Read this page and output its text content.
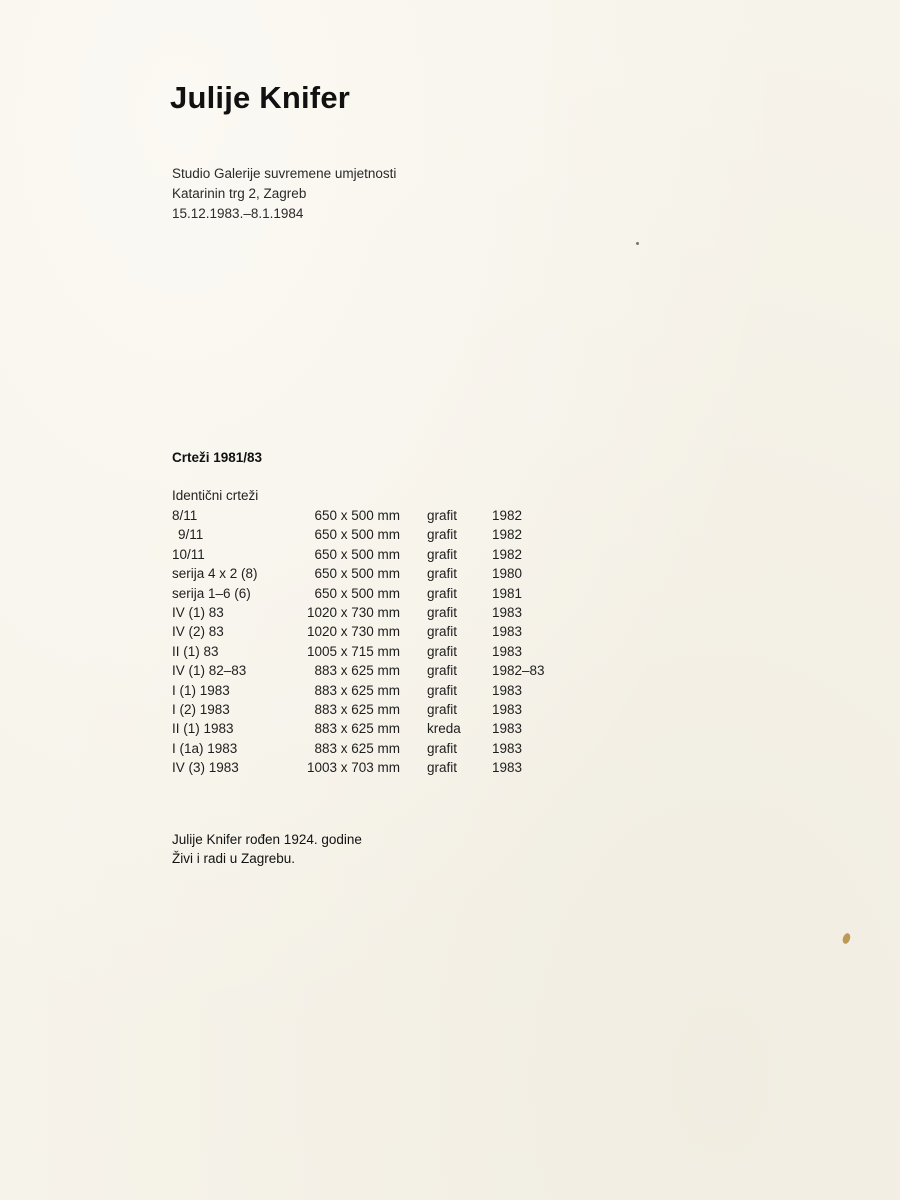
Julije Knifer
Studio Galerije suvremene umjetnosti
Katarinin trg 2, Zagreb
15.12.1983.–8.1.1984
Crteži 1981/83
Identični crteži
8/11	650 x 500 mm grafit	1982
9/11	650 x 500 mm grafit	1982
10/11	650 x 500 mm grafit	1982
serija 4 x 2 (8)	650 x 500 mm grafit	1980
serija 1–6 (6)	650 x 500 mm grafit	1981
IV (1) 83	1020 x 730 mm grafit	1983
IV (2) 83	1020 x 730 mm grafit	1983
II (1) 83	1005 x 715 mm grafit	1983
IV (1) 82–83	883 x 625 mm grafit	1982–83
I (1) 1983	883 x 625 mm grafit	1983
I (2) 1983	883 x 625 mm grafit	1983
II (1) 1983	883 x 625 mm kreda 1983
I (1a) 1983	883 x 625 mm grafit	1983
IV (3) 1983	1003 x 703 mm grafit	1983
Julije Knifer rođen 1924. godine
Živi i radi u Zagrebu.
